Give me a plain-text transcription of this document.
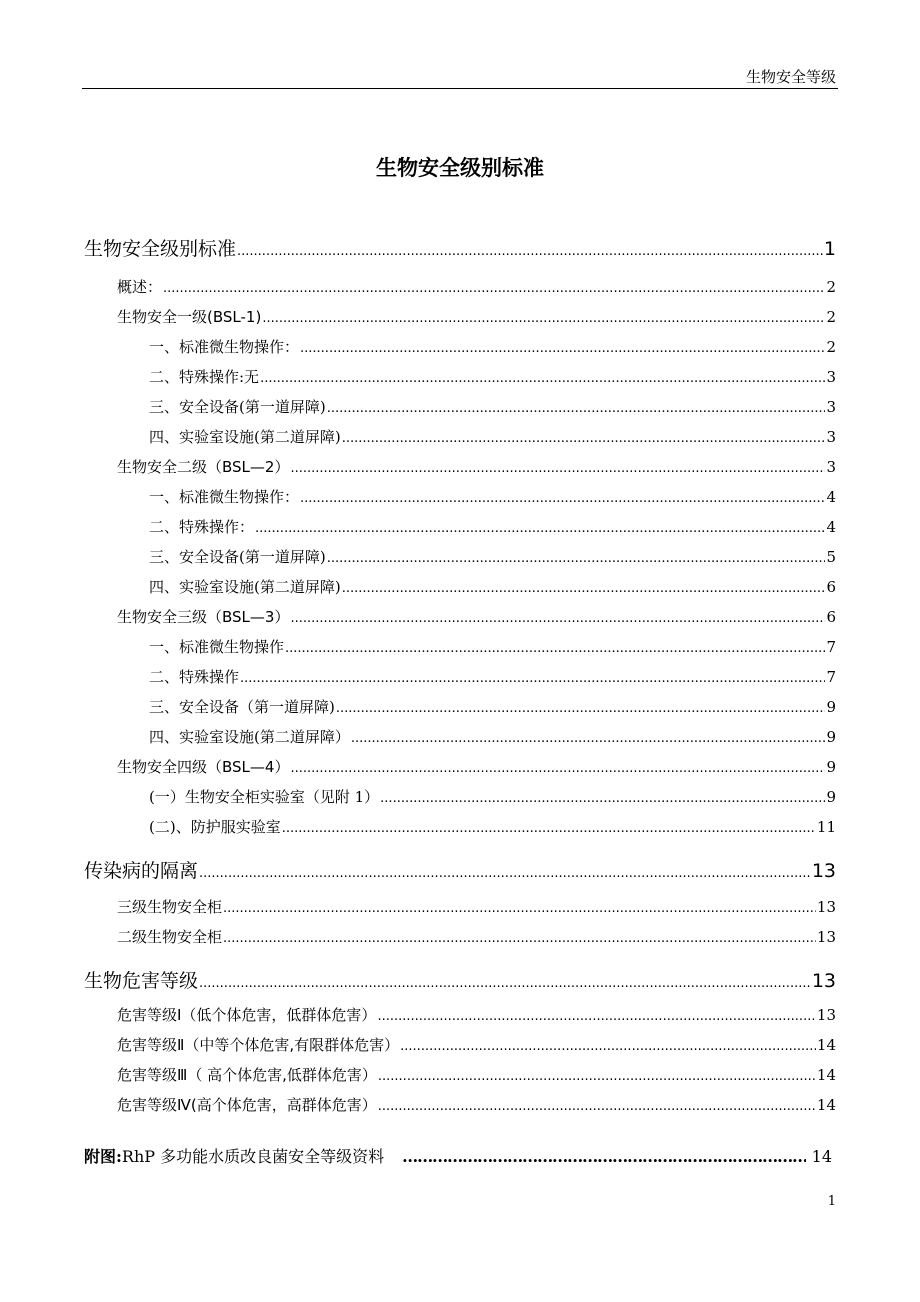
生物安全等级
生物安全级别标准
生物安全级别标准 .....	1
概述： .....	2
生物安全一级(BSL-1) .....	2
一、标准微生物操作： .....	2
二、特殊操作:无 .....	3
三、安全设备(第一道屏障) .....	3
四、实验室设施(第二道屏障) .....	3
生物安全二级（BSL—2） .....	3
一、标准微生物操作： .....	4
二、特殊操作： .....	4
三、安全设备(第一道屏障) .....	5
四、实验室设施(第二道屏障) .....	6
生物安全三级（BSL—3） .....	6
一、标准微生物操作 .....	7
二、特殊操作 .....	7
三、安全设备（第一道屏障) .....	9
四、实验室设施(第二道屏障） .....	9
生物安全四级（BSL—4） .....	9
(一）生物安全柜实验室（见附 1） .....	9
(二)、防护服实验室 .....	11
传染病的隔离 .....	13
三级生物安全柜 .....	13
二级生物安全柜 .....	13
生物危害等级 .....	13
危害等级Ⅰ（低个体危害，低群体危害） .....	13
危害等级Ⅱ（中等个体危害,有限群体危害） .....	14
危害等级Ⅲ（ 高个体危害,低群体危害） .....	14
危害等级Ⅳ(高个体危害，高群体危害） .....	14
附图: RhP 多功能水质改良菌安全等级资料 ……………………………………………………………………………………………………	14
1
